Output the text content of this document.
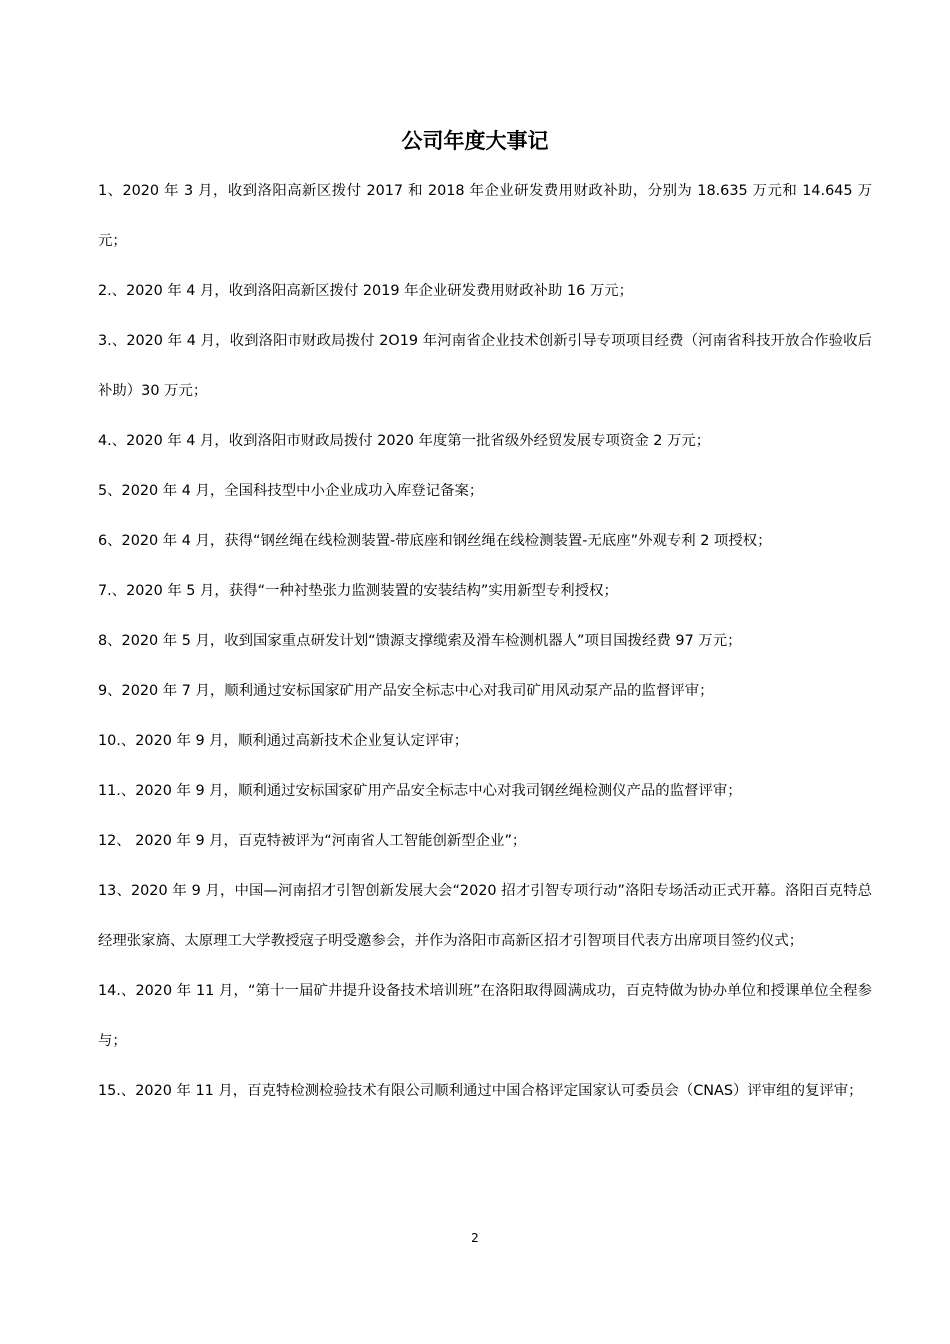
公司年度大事记
1、2020 年 3 月，收到洛阳高新区拨付 2017 和 2018 年企业研发费用财政补助，分别为 18.635 万元和 14.645 万元；
2.、2020 年 4 月，收到洛阳高新区拨付 2019 年企业研发费用财政补助 16 万元；
3.、2020 年 4 月，收到洛阳市财政局拨付 2O19 年河南省企业技术创新引导专项项目经费（河南省科技开放合作验收后补助）30 万元；
4.、2020 年 4 月，收到洛阳市财政局拨付 2020 年度第一批省级外经贸发展专项资金 2 万元；
5、2020 年 4 月，全国科技型中小企业成功入库登记备案；
6、2020 年 4 月，获得“钢丝绳在线检测装置-带底座和钢丝绳在线检测装置-无底座”外观专利 2 项授权；
7.、2020 年 5 月，获得“一种衬垫张力监测装置的安装结构”实用新型专利授权；
8、2020 年 5 月，收到国家重点研发计划“馈源支撑缆索及滑车检测机器人”项目国拨经费 97 万元；
9、2020 年 7 月，顺利通过安标国家矿用产品安全标志中心对我司矿用风动泵产品的监督评审；
10.、2020 年 9 月，顺利通过高新技术企业复认定评审；
11.、2020 年 9 月，顺利通过安标国家矿用产品安全标志中心对我司钢丝绳检测仪产品的监督评审；
12、 2020 年 9 月，百克特被评为“河南省人工智能创新型企业”；
13、2020 年 9 月，中国—河南招才引智创新发展大会“2020 招才引智专项行动”洛阳专场活动正式开幕。洛阳百克特总经理张家旖、太原理工大学教授寇子明受邀参会，并作为洛阳市高新区招才引智项目代表方出席项目签约仪式；
14.、2020 年 11 月，“第十一届矿井提升设备技术培训班”在洛阳取得圆满成功，百克特做为协办单位和授课单位全程参与；
15.、2020 年 11 月，百克特检测检验技术有限公司顺利通过中国合格评定国家认可委员会（CNAS）评审组的复评审；
2
